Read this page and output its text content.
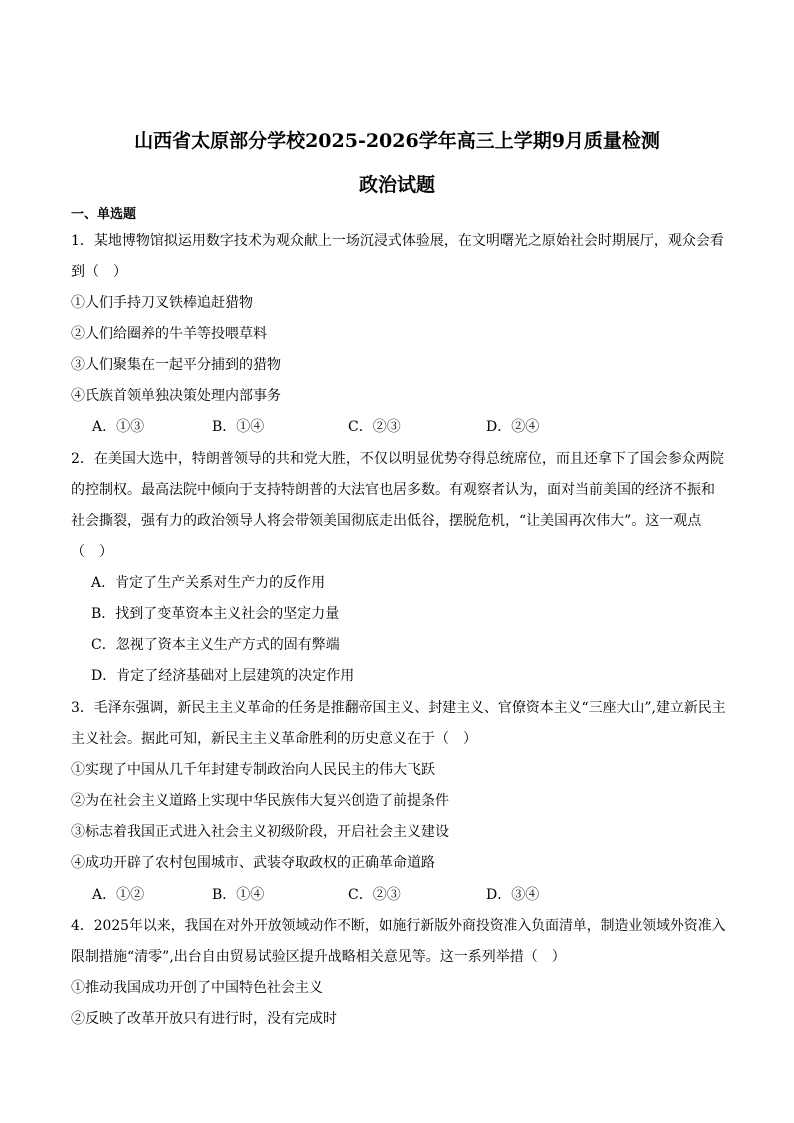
山西省太原部分学校2025-2026学年高三上学期9月质量检测
政治试题
一、单选题
1．某地博物馆拟运用数字技术为观众献上一场沉浸式体验展，在文明曙光之原始社会时期展厅，观众会看
到（　）
①人们手持刀叉铁棒追赶猎物
②人们给圈养的牛羊等投喂草料
③人们聚集在一起平分捕到的猎物
④氏族首领单独决策处理内部事务
A．①③	B．①④	C．②③	D．②④
2．在美国大选中，特朗普领导的共和党大胜，不仅以明显优势夺得总统席位，而且还拿下了国会参众两院
的控制权。最高法院中倾向于支持特朗普的大法官也居多数。有观察者认为，面对当前美国的经济不振和
社会撕裂，强有力的政治领导人将会带领美国彻底走出低谷，摆脱危机，“让美国再次伟大”。这一观点
（　）
A．肯定了生产关系对生产力的反作用
B．找到了变革资本主义社会的坚定力量
C．忽视了资本主义生产方式的固有弊端
D．肯定了经济基础对上层建筑的决定作用
3．毛泽东强调，新民主主义革命的任务是推翻帝国主义、封建主义、官僚资本主义“三座大山”,建立新民主
主义社会。据此可知，新民主主义革命胜利的历史意义在于（　）
①实现了中国从几千年封建专制政治向人民民主的伟大飞跃
②为在社会主义道路上实现中华民族伟大复兴创造了前提条件
③标志着我国正式进入社会主义初级阶段，开启社会主义建设
④成功开辟了农村包围城市、武装夺取政权的正确革命道路
A．①②	B．①④	C．②③	D．③④
4．2025年以来，我国在对外开放领域动作不断，如施行新版外商投资准入负面清单，制造业领域外资准入
限制措施“清零”,出台自由贸易试验区提升战略相关意见等。这一系列举措（　）
①推动我国成功开创了中国特色社会主义
②反映了改革开放只有进行时，没有完成时
